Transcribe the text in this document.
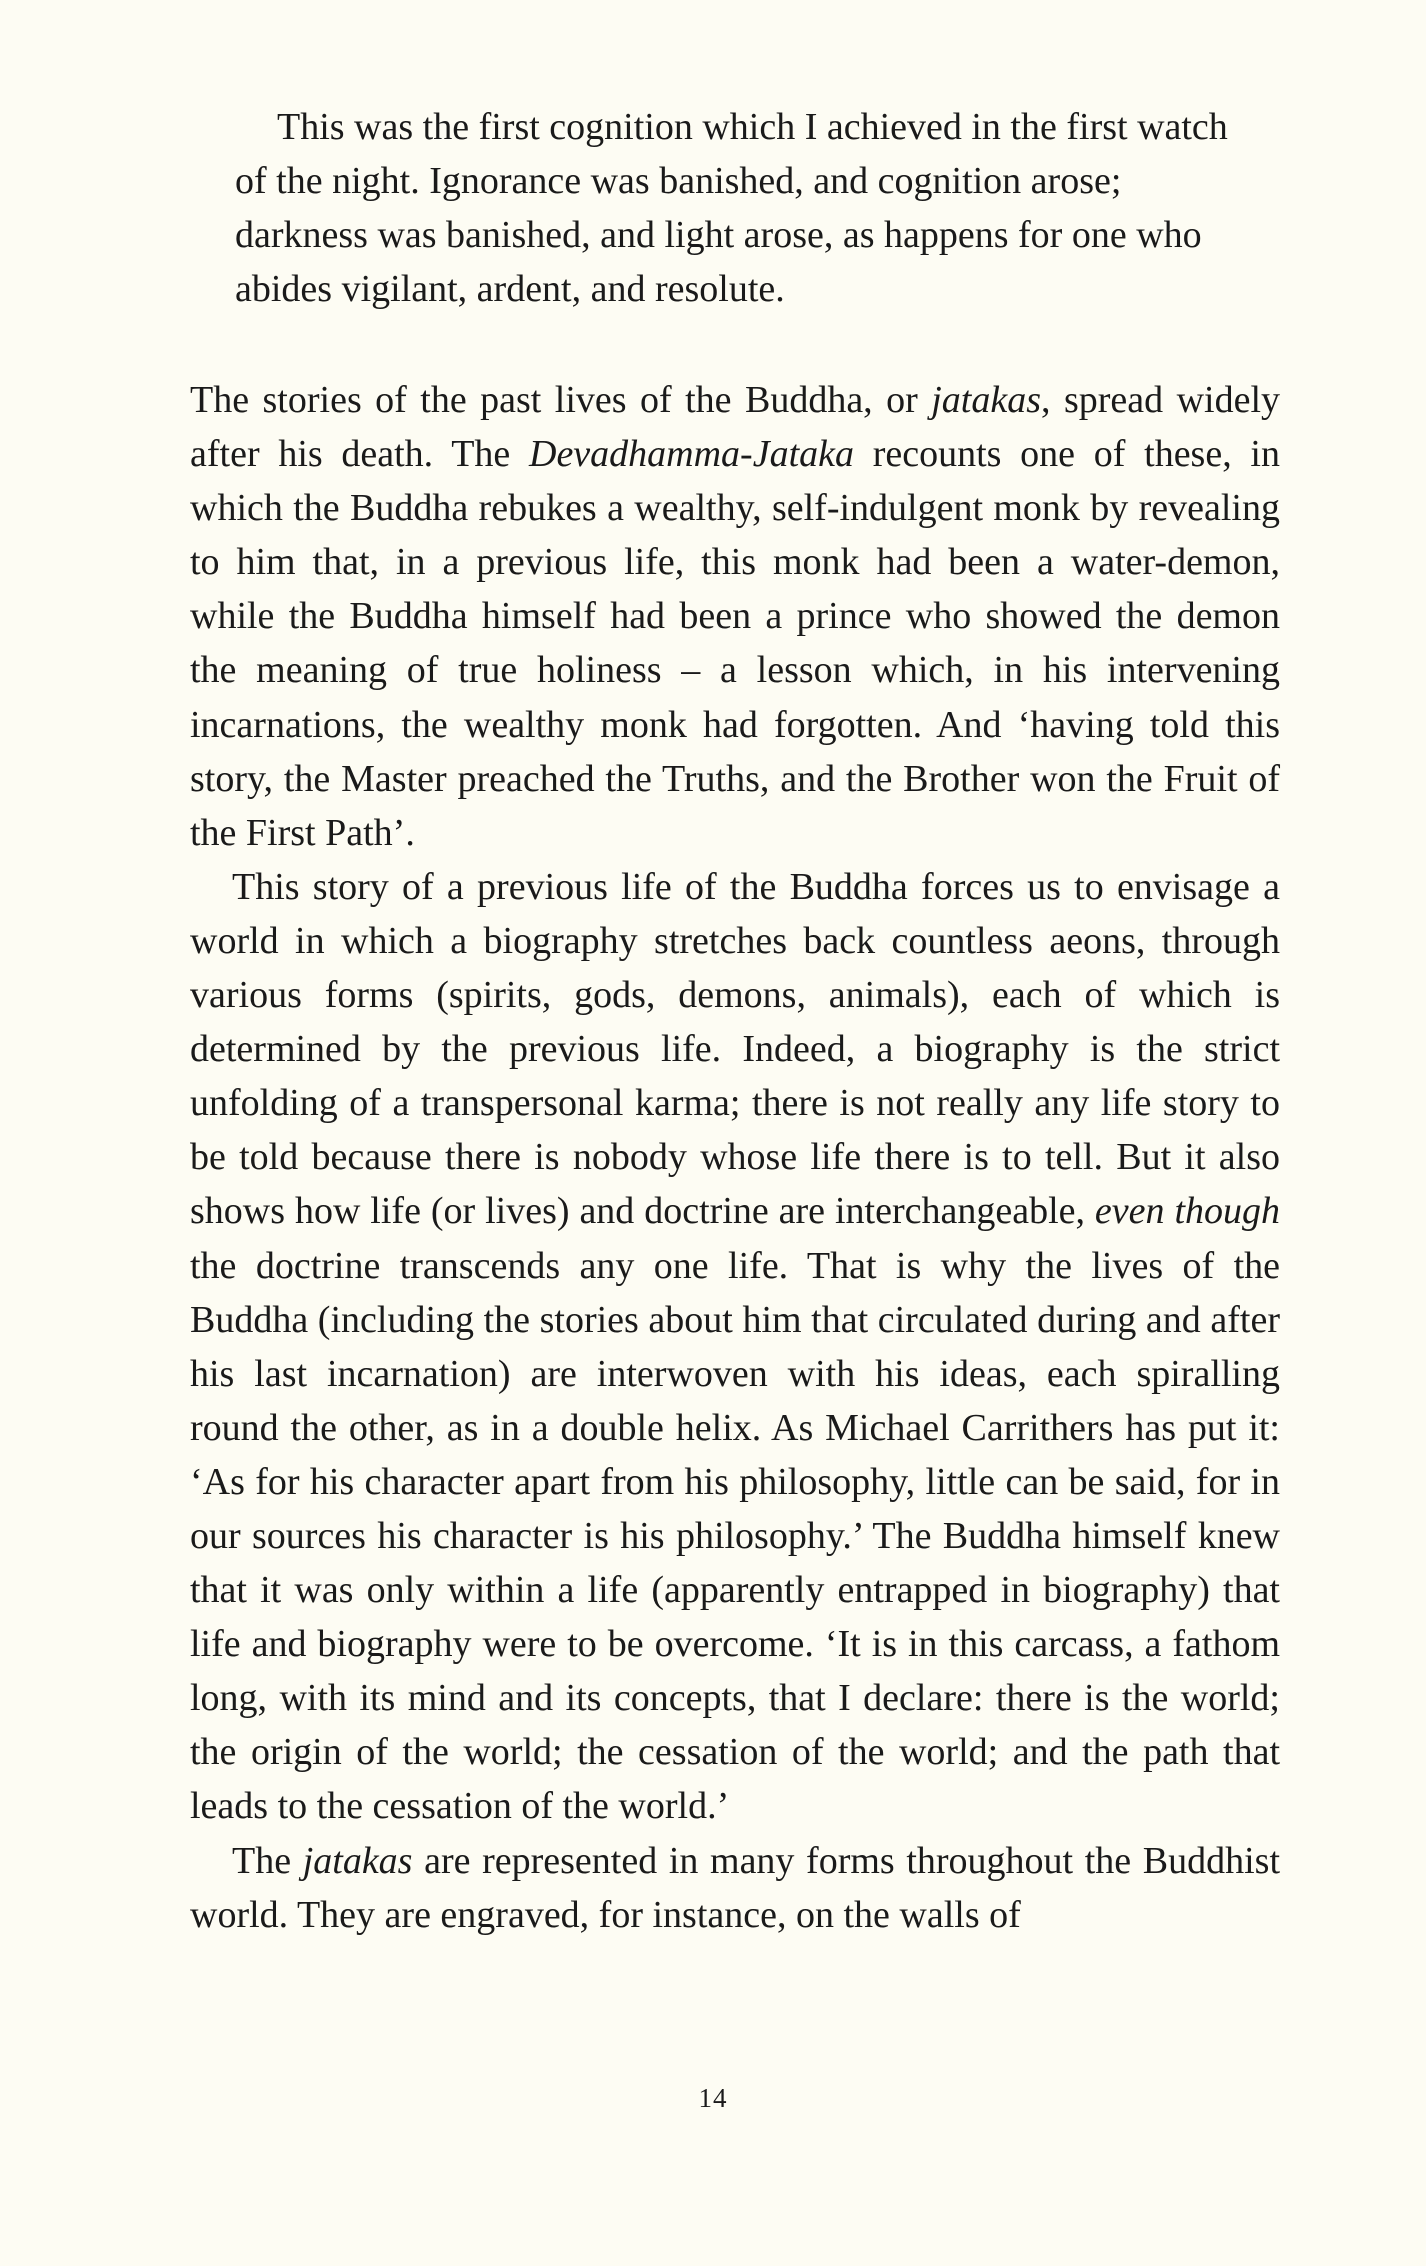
This was the first cognition which I achieved in the first watch of the night. Ignorance was banished, and cognition arose; darkness was banished, and light arose, as happens for one who abides vigilant, ardent, and resolute.

The stories of the past lives of the Buddha, or jatakas, spread widely after his death. The Devadhamma-Jataka recounts one of these, in which the Buddha rebukes a wealthy, self-indulgent monk by revealing to him that, in a previous life, this monk had been a water-demon, while the Buddha himself had been a prince who showed the demon the meaning of true holiness – a lesson which, in his intervening incarnations, the wealthy monk had forgotten. And ‘having told this story, the Master preached the Truths, and the Brother won the Fruit of the First Path’.

This story of a previous life of the Buddha forces us to envisage a world in which a biography stretches back countless aeons, through various forms (spirits, gods, demons, animals), each of which is determined by the previous life. Indeed, a biography is the strict unfolding of a transpersonal karma; there is not really any life story to be told because there is nobody whose life there is to tell. But it also shows how life (or lives) and doctrine are interchangeable, even though the doctrine transcends any one life. That is why the lives of the Buddha (including the stories about him that circulated during and after his last incarnation) are interwoven with his ideas, each spiralling round the other, as in a double helix. As Michael Carrithers has put it: ‘As for his character apart from his philosophy, little can be said, for in our sources his character is his philosophy.’ The Buddha himself knew that it was only within a life (apparently entrapped in biography) that life and biography were to be overcome. ‘It is in this carcass, a fathom long, with its mind and its concepts, that I declare: there is the world; the origin of the world; the cessation of the world; and the path that leads to the cessation of the world.’

The jatakas are represented in many forms throughout the Buddhist world. They are engraved, for instance, on the walls of

14
